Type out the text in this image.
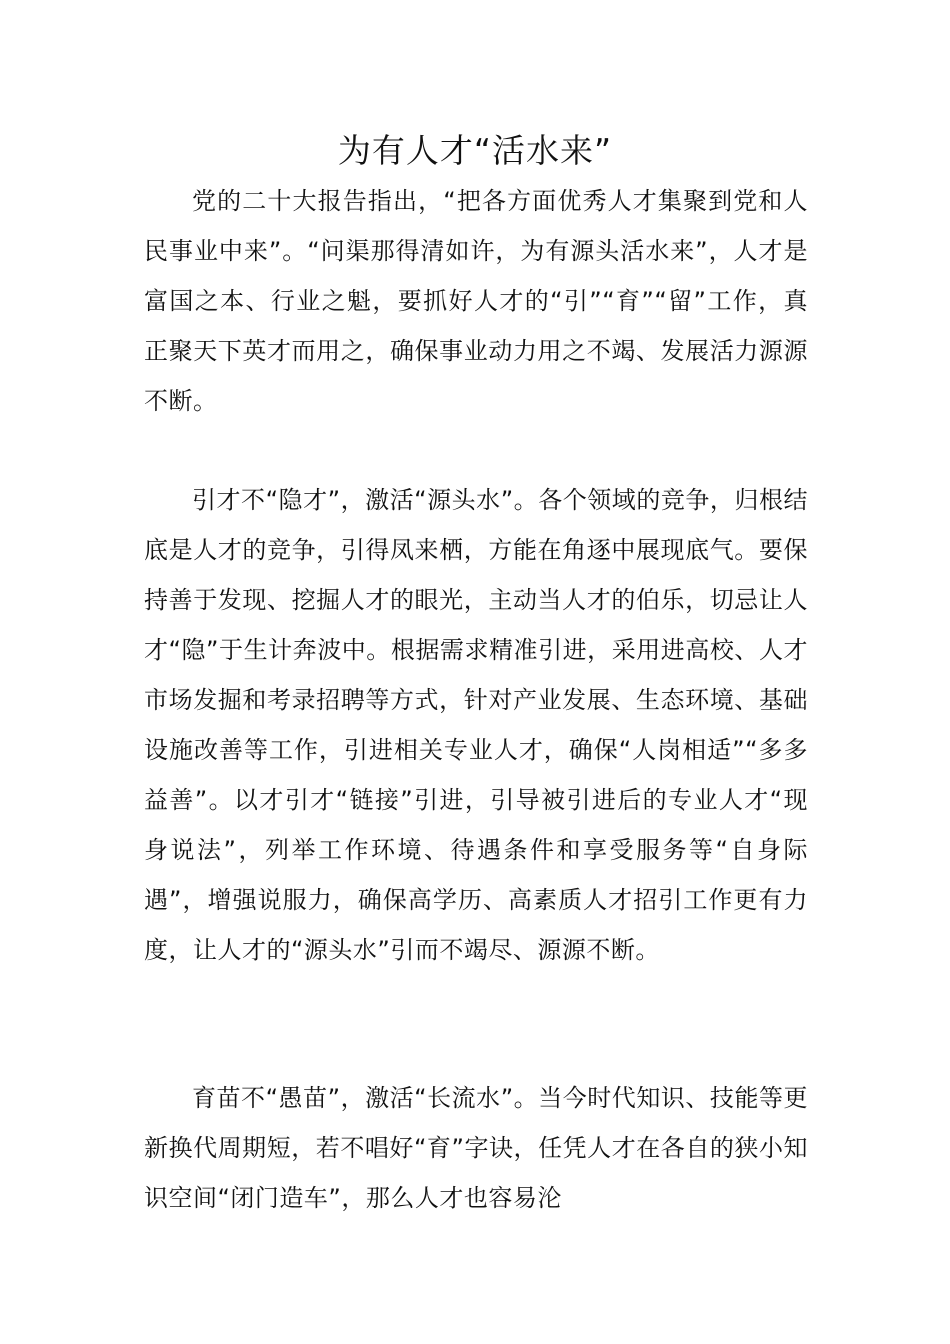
为有人才“活水来”

党的二十大报告指出，“把各方面优秀人才集聚到党和人民事业中来”。“问渠那得清如许，为有源头活水来”，人才是富国之本、行业之魁，要抓好人才的“引”“育”“留”工作，真正聚天下英才而用之，确保事业动力用之不竭、发展活力源源不断。

引才不“隐才”，激活“源头水”。各个领域的竞争，归根结底是人才的竞争，引得凤来栖，方能在角逐中展现底气。要保持善于发现、挖掘人才的眼光，主动当人才的伯乐，切忌让人才“隐”于生计奔波中。根据需求精准引进，采用进高校、人才市场发掘和考录招聘等方式，针对产业发展、生态环境、基础设施改善等工作，引进相关专业人才，确保“人岗相适”“多多益善”。以才引才“链接”引进，引导被引进后的专业人才“现身说法”，列举工作环境、待遇条件和享受服务等“自身际遇”，增强说服力，确保高学历、高素质人才招引工作更有力度，让人才的“源头水”引而不竭尽、源源不断。

育苗不“愚苗”，激活“长流水”。当今时代知识、技能等更新换代周期短，若不唱好“育”字诀，任凭人才在各自的狭小知识空间“闭门造车”，那么人才也容易沦
